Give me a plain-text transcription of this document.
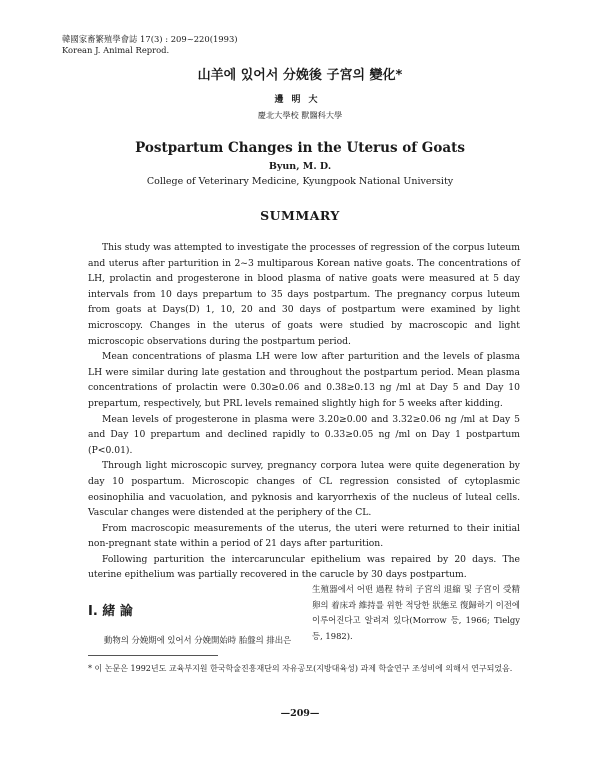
韓國家畜繁殖學會誌 17(3) : 209~220(1993)
Korean J. Animal Reprod.
山羊에 있어서 分娩後 子宮의 變化*
邊明大
慶北大學校 獸醫科大學
Postpartum Changes in the Uterus of Goats
Byun, M. D.
College of Veterinary Medicine, Kyungpook National University
SUMMARY

This study was attempted to investigate the processes of regression of the corpus luteum and uterus after parturition in 2~3 multiparous Korean native goats. The concentrations of LH, prolactin and progesterone in blood plasma of native goats were measured at 5 day intervals from 10 days prepartum to 35 days postpartum. The pregnancy corpus luteum from goats at Days(D) 1, 10, 20 and 30 days of postpartum were examined by light microscopy. Changes in the uterus of goats were studied by macroscopic and light microscopic observations during the postpartum period.

Mean concentrations of plasma LH were low after parturition and the levels of plasma LH were similar during late gestation and throughout the postpartum period. Mean plasma concentrations of prolactin were 0.30≥0.06 and 0.38≥0.13 ng /ml at Day 5 and Day 10 prepartum, respectively, but PRL levels remained slightly high for 5 weeks after kidding.

Mean levels of progesterone in plasma were 3.20≥0.00 and 3.32≥0.06 ng /ml at Day 5 and Day 10 prepartum and declined rapidly to 0.33≥0.05 ng /ml on Day 1 postpartum (P<0.01).

Through light microscopic survey, pregnancy corpora lutea were quite degeneration by day 10 pospartum. Microscopic changes of CL regression consisted of cytoplasmic eosinophilia and vacuolation, and pyknosis and karyorrhexis of the nucleus of luteal cells. Vascular changes were distended at the periphery of the CL.

From macroscopic measurements of the uterus, the uteri were returned to their initial non-pregnant state within a period of 21 days after parturition.

Following parturition the intercaruncular epithelium was repaired by 20 days. The uterine epithelium was partially recovered in the carucle by 30 days postpartum.

Ⅰ. 緒 論
動物의 分娩期에 있어서 分娩開始時 胎盤의 排出은
生殖器에서 어떤 過程 特히 子宮의 退縮 및 子宮이 受精卵의 着床과 維持를 위한 적당한 狀態로 復歸하기 이전에 이루어진다고 알려져 있다(Morrow 등, 1966; Tielgy 등, 1982).
* 이 논문은 1992년도 교육부지원 한국학술진흥재단의 자유공모(지방대육성) 과제 학술연구 조성비에 의해서 연구되었음.
—209—
